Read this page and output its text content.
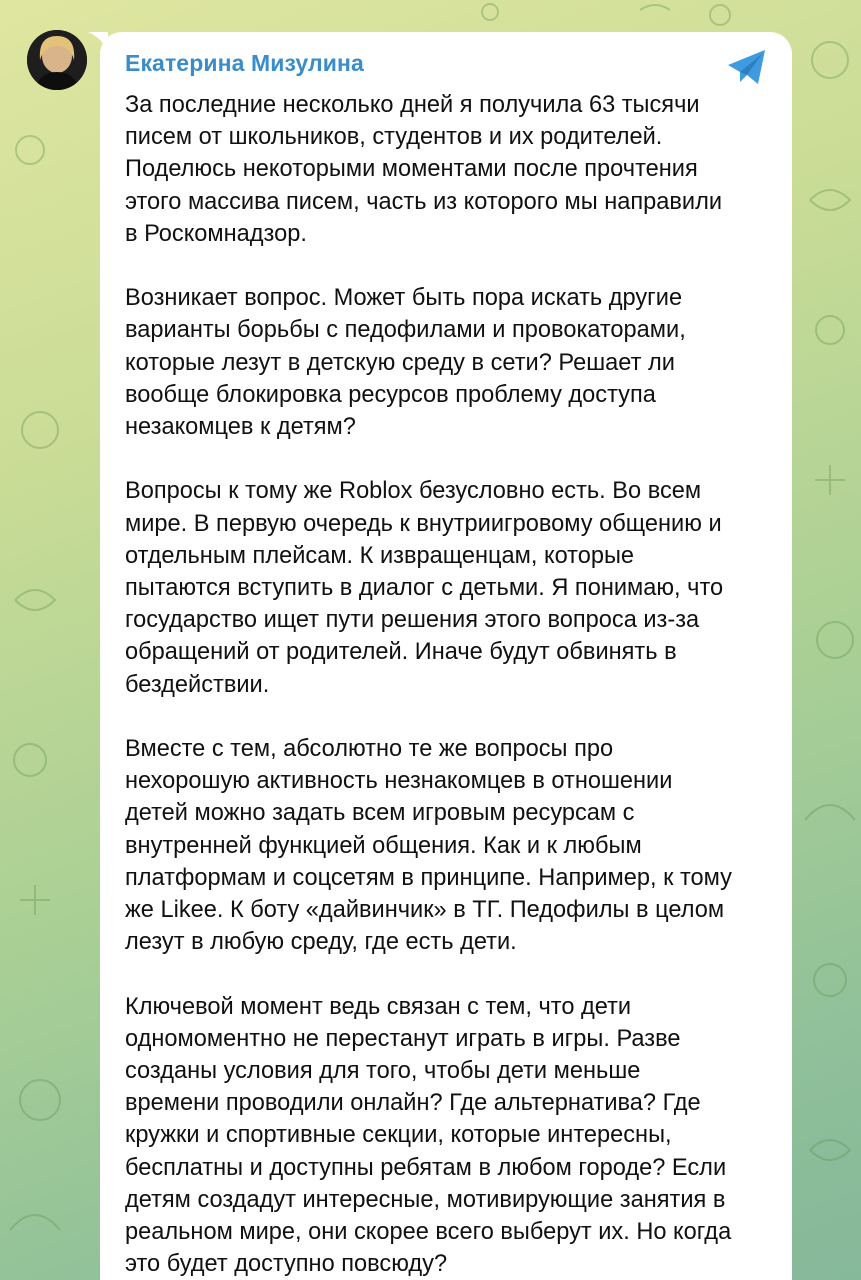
Екатерина Мизулина

За последние несколько дней я получила 63 тысячи
писем от школьников, студентов и их родителей.
Поделюсь некоторыми моментами после прочтения
этого массива писем, часть из которого мы направили
в Роскомнадзор.

Возникает вопрос. Может быть пора искать другие
варианты борьбы с педофилами и провокаторами,
которые лезут в детскую среду в сети? Решает ли
вообще блокировка ресурсов проблему доступа
незакомцев к детям?

Вопросы к тому же Roblox безусловно есть. Во всем
мире. В первую очередь к внутриигровому общению и
отдельным плейсам. К извращенцам, которые
пытаются вступить в диалог с детьми. Я понимаю, что
государство ищет пути решения этого вопроса из-за
обращений от родителей. Иначе будут обвинять в
бездействии.

Вместе с тем, абсолютно те же вопросы про
нехорошую активность незнакомцев в отношении
детей можно задать всем игровым ресурсам с
внутренней функцией общения. Как и к любым
платформам и соцсетям в принципе. Например, к тому
же Likee. К боту «дайвинчик» в ТГ. Педофилы в целом
лезут в любую среду, где есть дети.

Ключевой момент ведь связан с тем, что дети
одномоментно не перестанут играть в игры. Разве
созданы условия для того, чтобы дети меньше
времени проводили онлайн? Где альтернатива? Где
кружки и спортивные секции, которые интересны,
бесплатны и доступны ребятам в любом городе? Если
детям создадут интересные, мотивирующие занятия в
реальном мире, они скорее всего выберут их. Но когда
это будет доступно повсюду?
